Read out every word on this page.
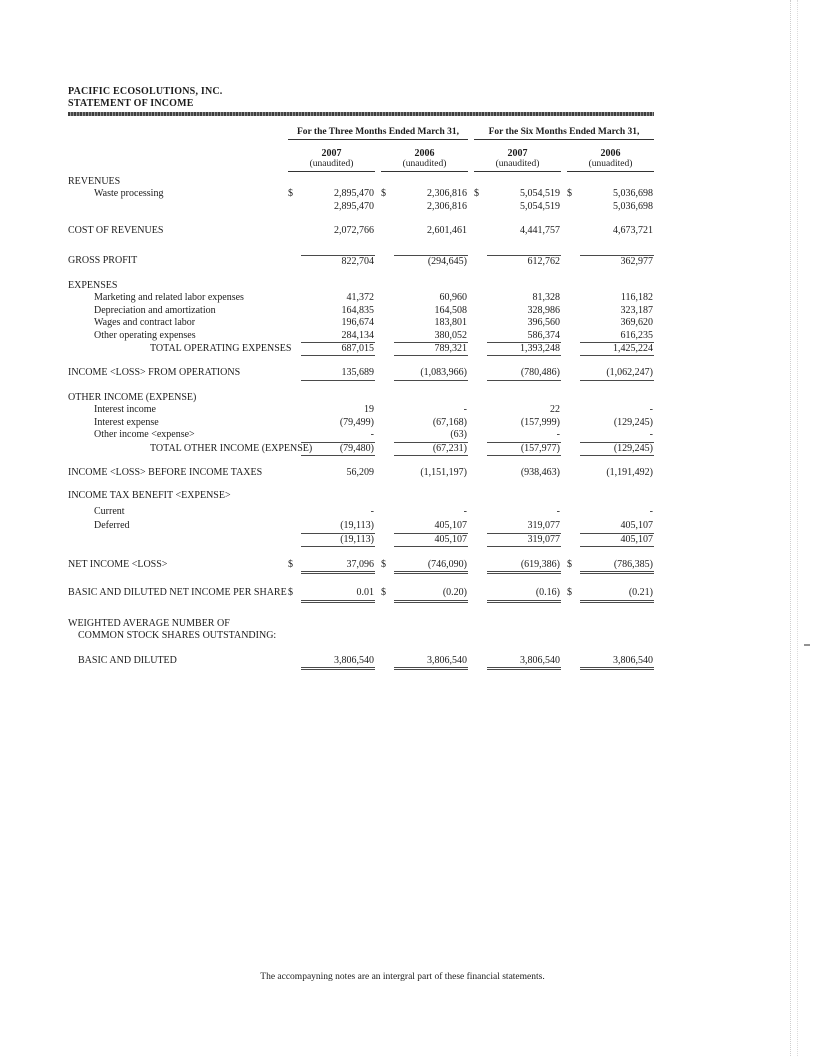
PACIFIC ECOSOLUTIONS, INC.
STATEMENT OF INCOME
For the Three Months Ended March 31,	For the Six Months Ended March 31,
2007
(unaudited)
2006
(unaudited)
2007
(unaudited)
2006
(unuadited)
REVENUES
Waste processing	$	2,895,470 $	2,306,816 $	5,054,519 $	5,036,698
2,895,470	2,306,816	5,054,519	5,036,698
COST OF REVENUES	2,072,766	2,601,461	4,441,757	4,673,721
GROSS PROFIT	822,704	(294,645)	612,762	362,977
EXPENSES
Marketing and related labor expenses	41,372	60,960	81,328	116,182
Depreciation and amortization	164,835	164,508	328,986	323,187
Wages and contract labor	196,674	183,801	396,560	369,620
Other operating expenses	284,134	380,052	586,374	616,235
TOTAL OPERATING EXPENSES	687,015	789,321	1,393,248	1,425,224
INCOME <LOSS> FROM OPERATIONS	135,689	(1,083,966)	(780,486)	(1,062,247)
OTHER INCOME (EXPENSE)
Interest income	19	-	22	-
Interest expense	(79,499)	(67,168)	(157,999)	(129,245)
Other income <expense>	-	(63)	-	-
TOTAL OTHER INCOME (EXPENSE)	(79,480)	(67,231)	(157,977)	(129,245)
INCOME <LOSS> BEFORE INCOME TAXES	56,209	(1,151,197)	(938,463)	(1,191,492)
INCOME TAX BENEFIT <EXPENSE>
Current	-	-	-	-
Deferred	(19,113)	405,107	319,077	405,107
(19,113)	405,107	319,077	405,107
NET INCOME <LOSS>	$	37,096 $	(746,090)	(619,386) $	(786,385)
BASIC AND DILUTED NET INCOME PER SHARE $	0.01 $	(0.20)	(0.16) $	(0.21)
WEIGHTED AVERAGE NUMBER OF
COMMON STOCK SHARES OUTSTANDING:
BASIC AND DILUTED	3,806,540	3,806,540	3,806,540	3,806,540
The accompayning notes are an intergral part of these financial statements.
